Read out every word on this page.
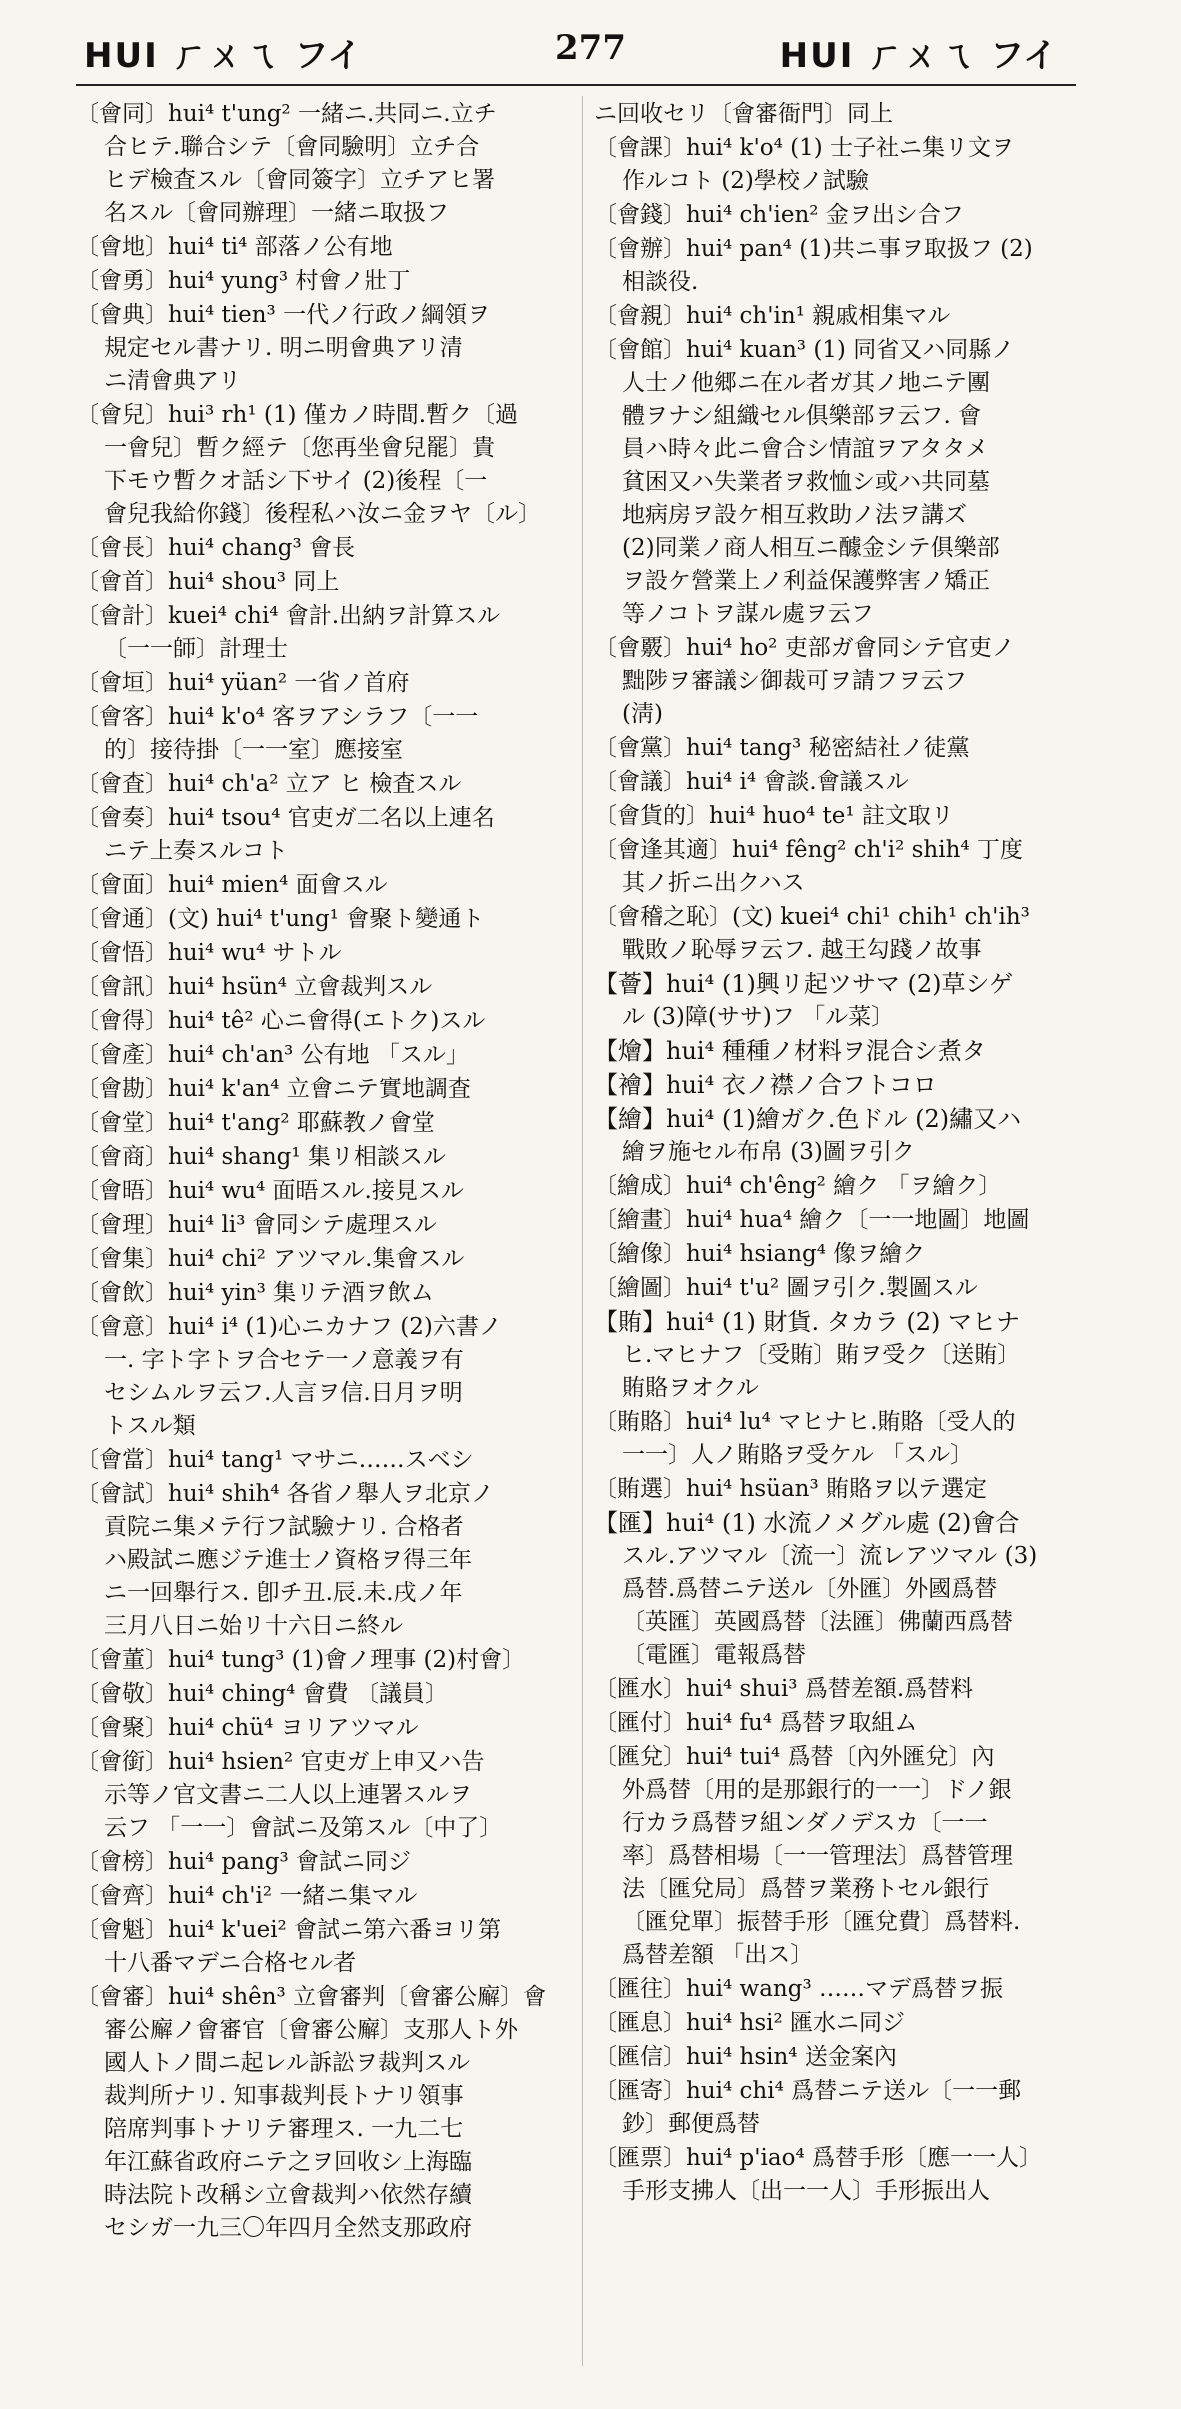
HUI ㄏㄨㄟ フイ	277	HUI ㄏㄨㄟ フイ
〔會同〕hui⁴ t'ung² 一緒ニ.共同ニ.立チ
合ヒテ.聯合シテ〔會同驗明〕立チ合
ヒデ檢査スル〔會同簽字〕立チアヒ署
名スル〔會同辦理〕一緒ニ取扱フ
〔會地〕hui⁴ ti⁴ 部落ノ公有地
〔會勇〕hui⁴ yung³ 村會ノ壯丁
〔會典〕hui⁴ tien³ 一代ノ行政ノ綱領ヲ
規定セル書ナリ. 明ニ明會典アリ清
ニ清會典アリ
〔會兒〕hui³ rh¹ (1) 僅カノ時間.暫ク〔過
一會兒〕暫ク經テ〔您再坐會兒罷〕貴
下モウ暫クオ話シ下サイ (2)後程〔一
會兒我給你錢〕後程私ハ汝ニ金ヲヤ〔ル〕
〔會長〕hui⁴ chang³ 會長
〔會首〕hui⁴ shou³ 同上
〔會計〕kuei⁴ chi⁴ 會計.出納ヲ計算スル
〔一一師〕計理士
〔會垣〕hui⁴ yüan² 一省ノ首府
〔會客〕hui⁴ k'o⁴ 客ヲアシラフ〔一一
的〕接待掛〔一一室〕應接室
〔會査〕hui⁴ ch'a² 立ア ヒ 檢査スル
〔會奏〕hui⁴ tsou⁴ 官吏ガ二名以上連名
ニテ上奏スルコト
〔會面〕hui⁴ mien⁴ 面會スル
〔會通〕(文) hui⁴ t'ung¹ 會聚ト變通ト
〔會悟〕hui⁴ wu⁴ サトル
〔會訊〕hui⁴ hsün⁴ 立會裁判スル
〔會得〕hui⁴ tê² 心ニ會得(エトク)スル
〔會產〕hui⁴ ch'an³ 公有地 「スル」
〔會勘〕hui⁴ k'an⁴ 立會ニテ實地調査
〔會堂〕hui⁴ t'ang² 耶蘇教ノ會堂
〔會商〕hui⁴ shang¹ 集リ相談スル
〔會晤〕hui⁴ wu⁴ 面晤スル.接見スル
〔會理〕hui⁴ li³ 會同シテ處理スル
〔會集〕hui⁴ chi² アツマル.集會スル
〔會飲〕hui⁴ yin³ 集リテ酒ヲ飲ム
〔會意〕hui⁴ i⁴ (1)心ニカナフ (2)六書ノ
一. 字ト字トヲ合セテ一ノ意義ヲ有
セシムルヲ云フ.人言ヲ信.日月ヲ明
トスル類
〔會當〕hui⁴ tang¹ マサニ……スベシ
〔會試〕hui⁴ shih⁴ 各省ノ舉人ヲ北京ノ
貢院ニ集メテ行フ試驗ナリ. 合格者
ハ殿試ニ應ジテ進士ノ資格ヲ得三年
ニ一回舉行ス. 卽チ丑.辰.未.戌ノ年
三月八日ニ始リ十六日ニ終ル
〔會董〕hui⁴ tung³ (1)會ノ理事 (2)村會〕
〔會敬〕hui⁴ ching⁴ 會費 〔議員〕
〔會聚〕hui⁴ chü⁴ ヨリアツマル
〔會銜〕hui⁴ hsien² 官吏ガ上申又ハ告
示等ノ官文書ニ二人以上連署スルヲ
云フ 「一一〕會試ニ及第スル〔中了〕
〔會榜〕hui⁴ pang³ 會試ニ同ジ
〔會齊〕hui⁴ ch'i² 一緒ニ集マル
〔會魁〕hui⁴ k'uei² 會試ニ第六番ヨリ第
十八番マデニ合格セル者
〔會審〕hui⁴ shên³ 立會審判〔會審公廨〕會
審公廨ノ會審官〔會審公廨〕支那人ト外
國人トノ間ニ起レル訴訟ヲ裁判スル
裁判所ナリ. 知事裁判長トナリ領事
陪席判事トナリテ審理ス. 一九二七
年江蘇省政府ニテ之ヲ回收シ上海臨
時法院ト改稱シ立會裁判ハ依然存續
セシガ一九三〇年四月全然支那政府
ニ回收セリ〔會審衙門〕同上
〔會課〕hui⁴ k'o⁴ (1) 士子社ニ集リ文ヲ
作ルコト (2)學校ノ試驗
〔會錢〕hui⁴ ch'ien² 金ヲ出シ合フ
〔會辦〕hui⁴ pan⁴ (1)共ニ事ヲ取扱フ (2)
相談役.
〔會親〕hui⁴ ch'in¹ 親戚相集マル
〔會館〕hui⁴ kuan³ (1) 同省又ハ同縣ノ
人士ノ他郷ニ在ル者ガ其ノ地ニテ團
體ヲナシ組織セル俱樂部ヲ云フ. 會
員ハ時々此ニ會合シ情誼ヲアタタメ
貧困又ハ失業者ヲ救恤シ或ハ共同墓
地病房ヲ設ケ相互救助ノ法ヲ講ズ
(2)同業ノ商人相互ニ醵金シテ俱樂部
ヲ設ケ營業上ノ利益保護弊害ノ矯正
等ノコトヲ謀ル處ヲ云フ
〔會覈〕hui⁴ ho² 吏部ガ會同シテ官吏ノ
黜陟ヲ審議シ御裁可ヲ請フヲ云フ
(淸)
〔會黨〕hui⁴ tang³ 秘密結社ノ徒黨
〔會議〕hui⁴ i⁴ 會談.會議スル
〔會貨的〕hui⁴ huo⁴ te¹ 註文取リ
〔會逢其適〕hui⁴ fêng² ch'i² shih⁴ 丁度
其ノ折ニ出クハス
〔會稽之恥〕(文) kuei⁴ chi¹ chih¹ ch'ih³
戰敗ノ恥辱ヲ云フ. 越王勾踐ノ故事
【薈】hui⁴ (1)興リ起ツサマ (2)草シゲ
ル (3)障(ササ)フ 「ル菜〕
【燴】hui⁴ 種種ノ材料ヲ混合シ煮タ
【襘】hui⁴ 衣ノ襟ノ合フトコロ
【繪】hui⁴ (1)繪ガク.色ドル (2)繡又ハ
繪ヲ施セル布帛 (3)圖ヲ引ク
〔繪成〕hui⁴ ch'êng² 繪ク 「ヲ繪ク〕
〔繪畫〕hui⁴ hua⁴ 繪ク〔一一地圖〕地圖
〔繪像〕hui⁴ hsiang⁴ 像ヲ繪ク
〔繪圖〕hui⁴ t'u² 圖ヲ引ク.製圖スル
【賄】hui⁴ (1) 財貨. タカラ (2) マヒナ
ヒ.マヒナフ〔受賄〕賄ヲ受ク〔送賄〕
賄賂ヲオクル
〔賄賂〕hui⁴ lu⁴ マヒナヒ.賄賂〔受人的
一一〕人ノ賄賂ヲ受ケル 「スル〕
〔賄選〕hui⁴ hsüan³ 賄賂ヲ以テ選定
【匯】hui⁴ (1) 水流ノメグル處 (2)會合
スル.アツマル〔流一〕流レアツマル (3)
爲替.爲替ニテ送ル〔外匯〕外國爲替
〔英匯〕英國爲替〔法匯〕佛蘭西爲替
〔電匯〕電報爲替
〔匯水〕hui⁴ shui³ 爲替差額.爲替料
〔匯付〕hui⁴ fu⁴ 爲替ヲ取組ム
〔匯兌〕hui⁴ tui⁴ 爲替〔內外匯兌〕內
外爲替〔用的是那銀行的一一〕ドノ銀
行カラ爲替ヲ組ンダノデスカ〔一一
率〕爲替相場〔一一管理法〕爲替管理
法〔匯兌局〕爲替ヲ業務トセル銀行
〔匯兌單〕振替手形〔匯兌費〕爲替料.
爲替差額 「出ス〕
〔匯往〕hui⁴ wang³ ……マデ爲替ヲ振
〔匯息〕hui⁴ hsi² 匯水ニ同ジ
〔匯信〕hui⁴ hsin⁴ 送金案內
〔匯寄〕hui⁴ chi⁴ 爲替ニテ送ル〔一一郵
鈔〕郵便爲替
〔匯票〕hui⁴ p'iao⁴ 爲替手形〔應一一人〕
手形支拂人〔出一一人〕手形振出人
